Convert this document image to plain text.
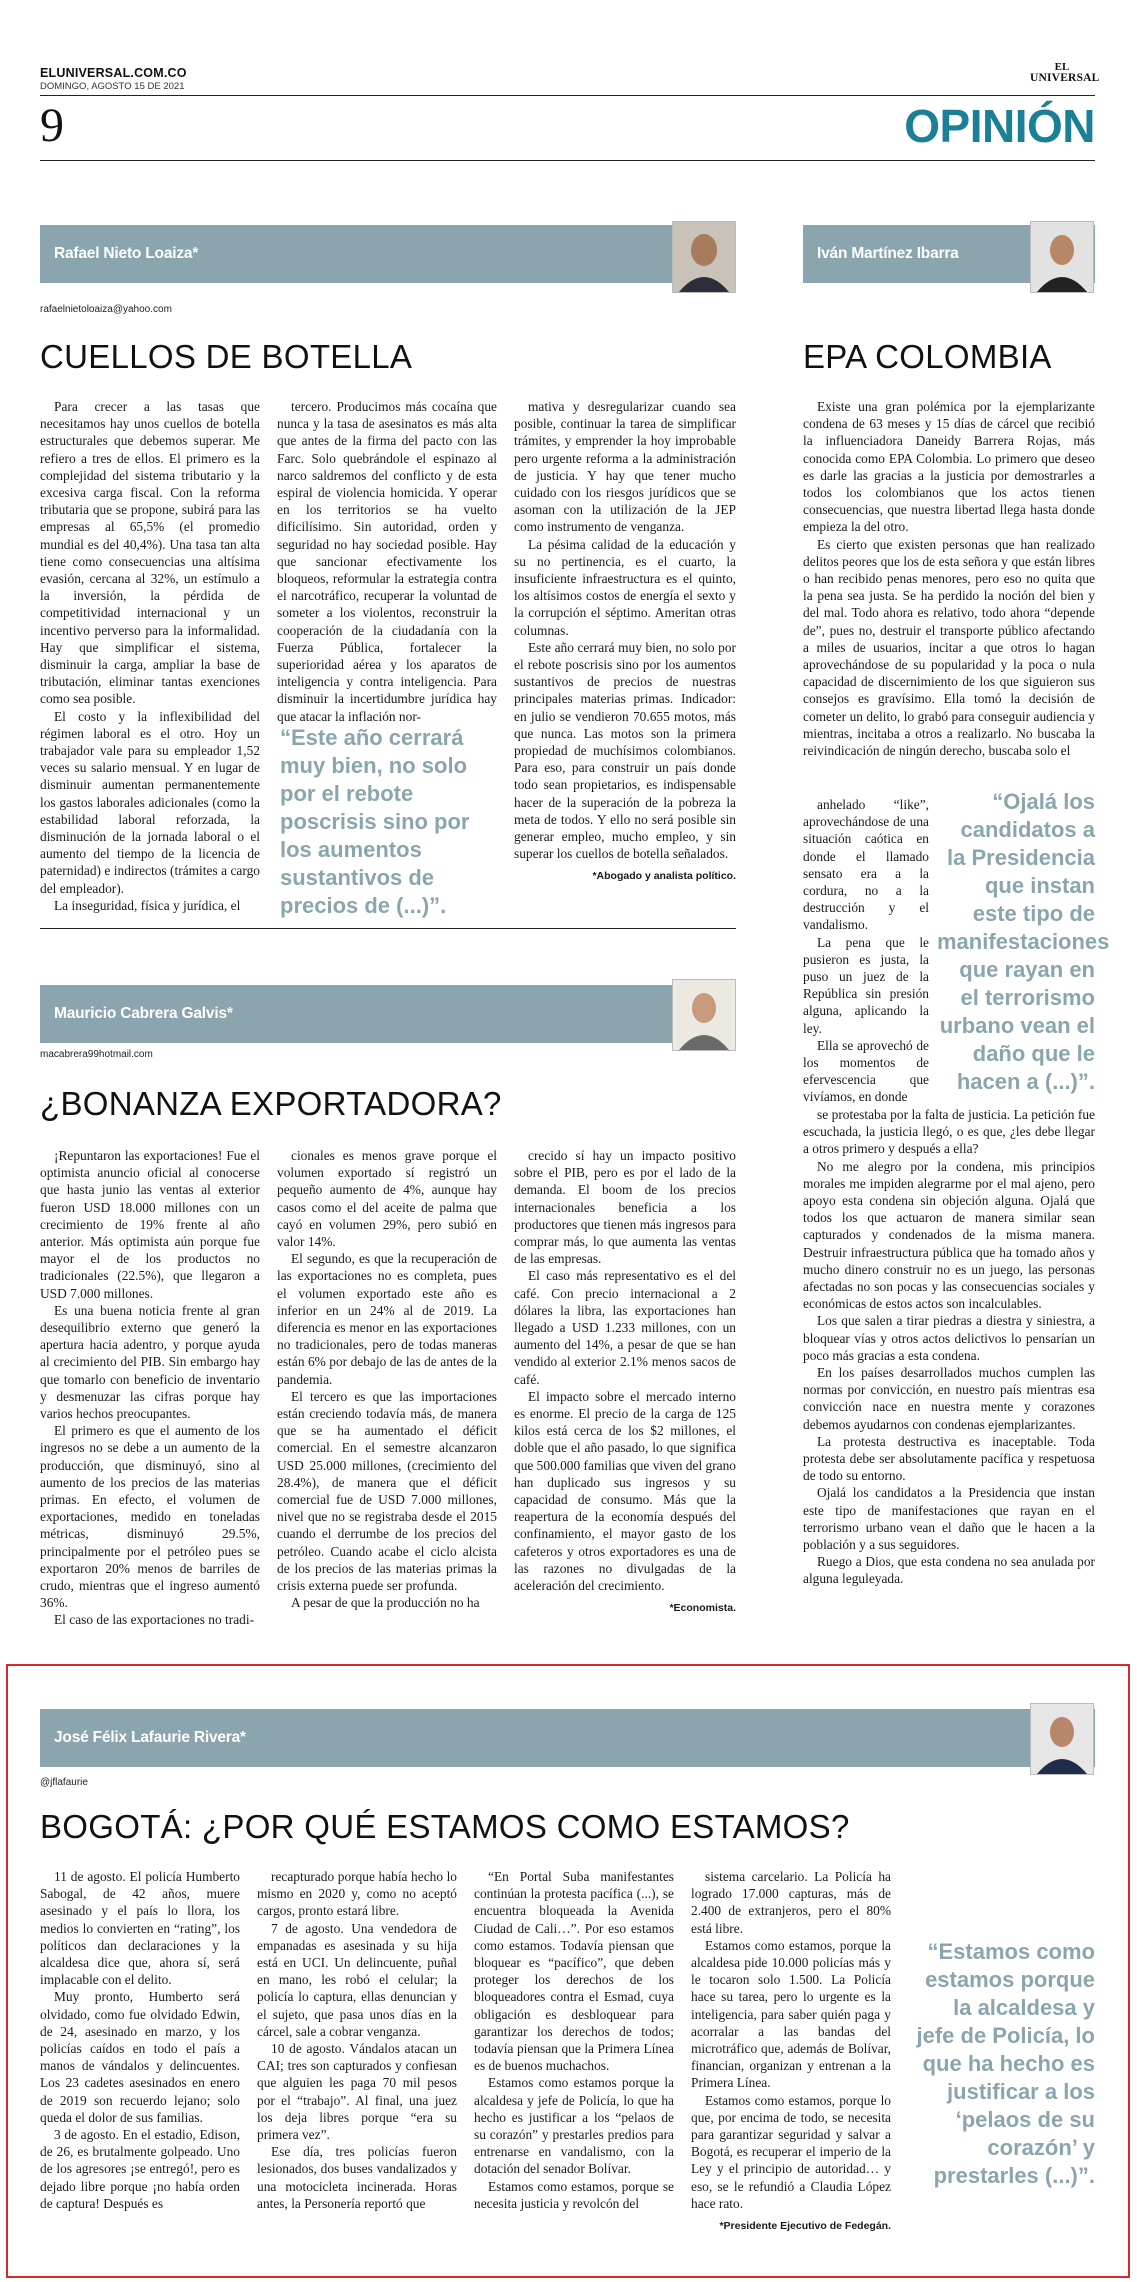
ELUNIVERSAL.COM.CO
DOMINGO, AGOSTO 15 DE 2021
EL
UNIVERSAL
9	OPINIÓN
Rafael Nieto Loaiza*
rafaelnietoloaiza@yahoo.com
CUELLOS DE BOTELLA

Para crecer a las tasas que necesitamos hay unos cuellos de botella estructurales que debemos superar. Me refiero a tres de ellos. El primero es la complejidad del sistema tributario y la excesiva carga fiscal. Con la reforma tributaria que se propone, subirá para las empresas al 65,5% (el promedio mundial es del 40,4%). Una tasa tan alta tiene como consecuencias una altísima evasión, cercana al 32%, un estímulo a la inversión, la pérdida de competitividad internacional y un incentivo perverso para la informalidad. Hay que simplificar el sistema, disminuir la carga, ampliar la base de tributación, eliminar tantas exenciones como sea posible.

El costo y la inflexibilidad del régimen laboral es el otro. Hoy un trabajador vale para su empleador 1,52 veces su salario mensual. Y en lugar de disminuir aumentan permanentemente los gastos laborales adicionales (como la estabilidad laboral reforzada, la disminución de la jornada laboral o el aumento del tiempo de la licencia de paternidad) e indirectos (trámites a cargo del empleador).

La inseguridad, física y jurídica, el

tercero. Producimos más cocaína que nunca y la tasa de asesinatos es más alta que antes de la firma del pacto con las Farc. Solo quebrándole el espinazo al narco saldremos del conflicto y de esta espiral de violencia homicida. Y operar en los territorios se ha vuelto dificilísimo. Sin autoridad, orden y seguridad no hay sociedad posible. Hay que sancionar efectivamente los bloqueos, reformular la estrategia contra el narcotráfico, recuperar la voluntad de someter a los violentos, reconstruir la cooperación de la ciudadanía con la Fuerza Pública, fortalecer la superioridad aérea y los aparatos de inteligencia y contra inteligencia. Para disminuir la incertidumbre jurídica hay que atacar la inflación nor-

“Este año cerrará muy bien, no solo por el rebote poscrisis sino por los aumentos sustantivos de precios de (...)”.

mativa y desregularizar cuando sea posible, continuar la tarea de simplificar trámites, y emprender la hoy improbable pero urgente reforma a la administración de justicia. Y hay que tener mucho cuidado con los riesgos jurídicos que se asoman con la utilización de la JEP como instrumento de venganza.

La pésima calidad de la educación y su no pertinencia, es el cuarto, la insuficiente infraestructura es el quinto, los altísimos costos de energía el sexto y la corrupción el séptimo. Ameritan otras columnas.

Este año cerrará muy bien, no solo por el rebote poscrisis sino por los aumentos sustantivos de precios de nuestras principales materias primas. Indicador: en julio se vendieron 70.655 motos, más que nunca. Las motos son la primera propiedad de muchísimos colombianos. Para eso, para construir un país donde todo sean propietarios, es indispensable hacer de la superación de la pobreza la meta de todos. Y ello no será posible sin generar empleo, mucho empleo, y sin superar los cuellos de botella señalados.

*Abogado y analista político.

Iván Martínez Ibarra
EPA COLOMBIA

Existe una gran polémica por la ejemplarizante condena de 63 meses y 15 días de cárcel que recibió la influenciadora Daneidy Barrera Rojas, más conocida como EPA Colombia. Lo primero que deseo es darle las gracias a la justicia por demostrarles a todos los colombianos que los actos tienen consecuencias, que nuestra libertad llega hasta donde empieza la del otro.

Es cierto que existen personas que han realizado delitos peores que los de esta señora y que están libres o han recibido penas menores, pero eso no quita que la pena sea justa. Se ha perdido la noción del bien y del mal. Todo ahora es relativo, todo ahora “depende de”, pues no, destruir el transporte público afectando a miles de usuarios, incitar a que otros lo hagan aprovechándose de su popularidad y la poca o nula capacidad de discernimiento de los que siguieron sus consejos es gravísimo. Ella tomó la decisión de cometer un delito, lo grabó para conseguir audiencia y mientras, incitaba a otros a realizarlo. No buscaba la reivindicación de ningún derecho, buscaba solo el

anhelado “like”, aprovechándose de una situación caótica en donde el llamado sensato era a la cordura, no a la destrucción y el vandalismo.

La pena que le pusieron es justa, la puso un juez de la República sin presión alguna, aplicando la ley.

Ella se aprovechó de los momentos de efervescencia que vivíamos, en donde

“Ojalá los candidatos a la Presidencia que instan este tipo de manifestaciones que rayan en el terrorismo urbano vean el daño que le hacen a (...)”.

se protestaba por la falta de justicia. La petición fue escuchada, la justicia llegó, o es que, ¿les debe llegar a otros primero y después a ella?

No me alegro por la condena, mis principios morales me impiden alegrarme por el mal ajeno, pero apoyo esta condena sin objeción alguna. Ojalá que todos los que actuaron de manera similar sean capturados y condenados de la misma manera. Destruir infraestructura pública que ha tomado años y mucho dinero construir no es un juego, las personas afectadas no son pocas y las consecuencias sociales y económicas de estos actos son incalculables.

Los que salen a tirar piedras a diestra y siniestra, a bloquear vías y otros actos delictivos lo pensarían un poco más gracias a esta condena.

En los países desarrollados muchos cumplen las normas por convicción, en nuestro país mientras esa convicción nace en nuestra mente y corazones debemos ayudarnos con condenas ejemplarizantes.

La protesta destructiva es inaceptable. Toda protesta debe ser absolutamente pacífica y respetuosa de todo su entorno.

Ojalá los candidatos a la Presidencia que instan este tipo de manifestaciones que rayan en el terrorismo urbano vean el daño que le hacen a la población y a sus seguidores.

Ruego a Dios, que esta condena no sea anulada por alguna leguleyada.

Mauricio Cabrera Galvis*
macabrera99hotmail.com
¿BONANZA EXPORTADORA?

¡Repuntaron las exportaciones! Fue el optimista anuncio oficial al conocerse que hasta junio las ventas al exterior fueron USD 18.000 millones con un crecimiento de 19% frente al año anterior. Más optimista aún porque fue mayor el de los productos no tradicionales (22.5%), que llegaron a USD 7.000 millones.

Es una buena noticia frente al gran desequilibrio externo que generó la apertura hacia adentro, y porque ayuda al crecimiento del PIB. Sin embargo hay que tomarlo con beneficio de inventario y desmenuzar las cifras porque hay varios hechos preocupantes.

El primero es que el aumento de los ingresos no se debe a un aumento de la producción, que disminuyó, sino al aumento de los precios de las materias primas. En efecto, el volumen de exportaciones, medido en toneladas métricas, disminuyó 29.5%, principalmente por el petróleo pues se exportaron 20% menos de barriles de crudo, mientras que el ingreso aumentó 36%.

El caso de las exportaciones no tradi-

cionales es menos grave porque el volumen exportado sí registró un pequeño aumento de 4%, aunque hay casos como el del aceite de palma que cayó en volumen 29%, pero subió en valor 14%.

El segundo, es que la recuperación de las exportaciones no es completa, pues el volumen exportado este año es inferior en un 24% al de 2019. La diferencia es menor en las exportaciones no tradicionales, pero de todas maneras están 6% por debajo de las de antes de la pandemia.

El tercero es que las importaciones están creciendo todavía más, de manera que se ha aumentado el déficit comercial. En el semestre alcanzaron USD 25.000 millones, (crecimiento del 28.4%), de manera que el déficit comercial fue de USD 7.000 millones, nivel que no se registraba desde el 2015 cuando el derrumbe de los precios del petróleo. Cuando acabe el ciclo alcista de los precios de las materias primas la crisis externa puede ser profunda.

A pesar de que la producción no ha

crecido sí hay un impacto positivo sobre el PIB, pero es por el lado de la demanda. El boom de los precios internacionales beneficia a los productores que tienen más ingresos para comprar más, lo que aumenta las ventas de las empresas.

El caso más representativo es el del café. Con precio internacional a 2 dólares la libra, las exportaciones han llegado a USD 1.233 millones, con un aumento del 14%, a pesar de que se han vendido al exterior 2.1% menos sacos de café.

El impacto sobre el mercado interno es enorme. El precio de la carga de 125 kilos está cerca de los $2 millones, el doble que el año pasado, lo que significa que 500.000 familias que viven del grano han duplicado sus ingresos y su capacidad de consumo. Más que la reapertura de la economía después del confinamiento, el mayor gasto de los cafeteros y otros exportadores es una de las razones no divulgadas de la aceleración del crecimiento.

*Economista.

José Félix Lafaurie Rivera*
@jflafaurie
BOGOTÁ: ¿POR QUÉ ESTAMOS COMO ESTAMOS?

11 de agosto. El policía Humberto Sabogal, de 42 años, muere asesinado y el país lo llora, los medios lo convierten en “rating”, los políticos dan declaraciones y la alcaldesa dice que, ahora sí, será implacable con el delito.

Muy pronto, Humberto será olvidado, como fue olvidado Edwin, de 24, asesinado en marzo, y los policías caídos en todo el país a manos de vándalos y delincuentes. Los 23 cadetes asesinados en enero de 2019 son recuerdo lejano; solo queda el dolor de sus familias.

3 de agosto. En el estadio, Edison, de 26, es brutalmente golpeado. Uno de los agresores ¡se entregó!, pero es dejado libre porque ¡no había orden de captura! Después es

recapturado porque había hecho lo mismo en 2020 y, como no aceptó cargos, pronto estará libre.

7 de agosto. Una vendedora de empanadas es asesinada y su hija está en UCI. Un delincuente, puñal en mano, les robó el celular; la policía lo captura, ellas denuncian y el sujeto, que pasa unos días en la cárcel, sale a cobrar venganza.

10 de agosto. Vándalos atacan un CAI; tres son capturados y confiesan que alguien les paga 70 mil pesos por el “trabajo”. Al final, una juez los deja libres porque “era su primera vez”.

Ese día, tres policías fueron lesionados, dos buses vandalizados y una motocicleta incinerada. Horas antes, la Personería reportó que

“En Portal Suba manifestantes continúan la protesta pacífica (...), se encuentra bloqueada la Avenida Ciudad de Cali…”. Por eso estamos como estamos. Todavía piensan que bloquear es “pacífico”, que deben proteger los derechos de los bloqueadores contra el Esmad, cuya obligación es desbloquear para garantizar los derechos de todos; todavía piensan que la Primera Línea es de buenos muchachos.

Estamos como estamos porque la alcaldesa y jefe de Policía, lo que ha hecho es justificar a los “pelaos de su corazón” y prestarles predios para entrenarse en vandalismo, con la dotación del senador Bolívar.

Estamos como estamos, porque se necesita justicia y revolcón del

sistema carcelario. La Policía ha logrado 17.000 capturas, más de 2.400 de extranjeros, pero el 80% está libre.

Estamos como estamos, porque la alcaldesa pide 10.000 policías más y le tocaron solo 1.500. La Policía hace su tarea, pero lo urgente es la inteligencia, para saber quién paga y acorralar a las bandas del microtráfico que, además de Bolívar, financian, organizan y entrenan a la Primera Línea.

Estamos como estamos, porque lo que, por encima de todo, se necesita para garantizar seguridad y salvar a Bogotá, es recuperar el imperio de la Ley y el principio de autoridad… y eso, se le refundió a Claudia López hace rato.

*Presidente Ejecutivo de Fedegán.

“Estamos como estamos porque la alcaldesa y jefe de Policía, lo que ha hecho es justificar a los ‘pelaos de su corazón’ y prestarles (...)”.
